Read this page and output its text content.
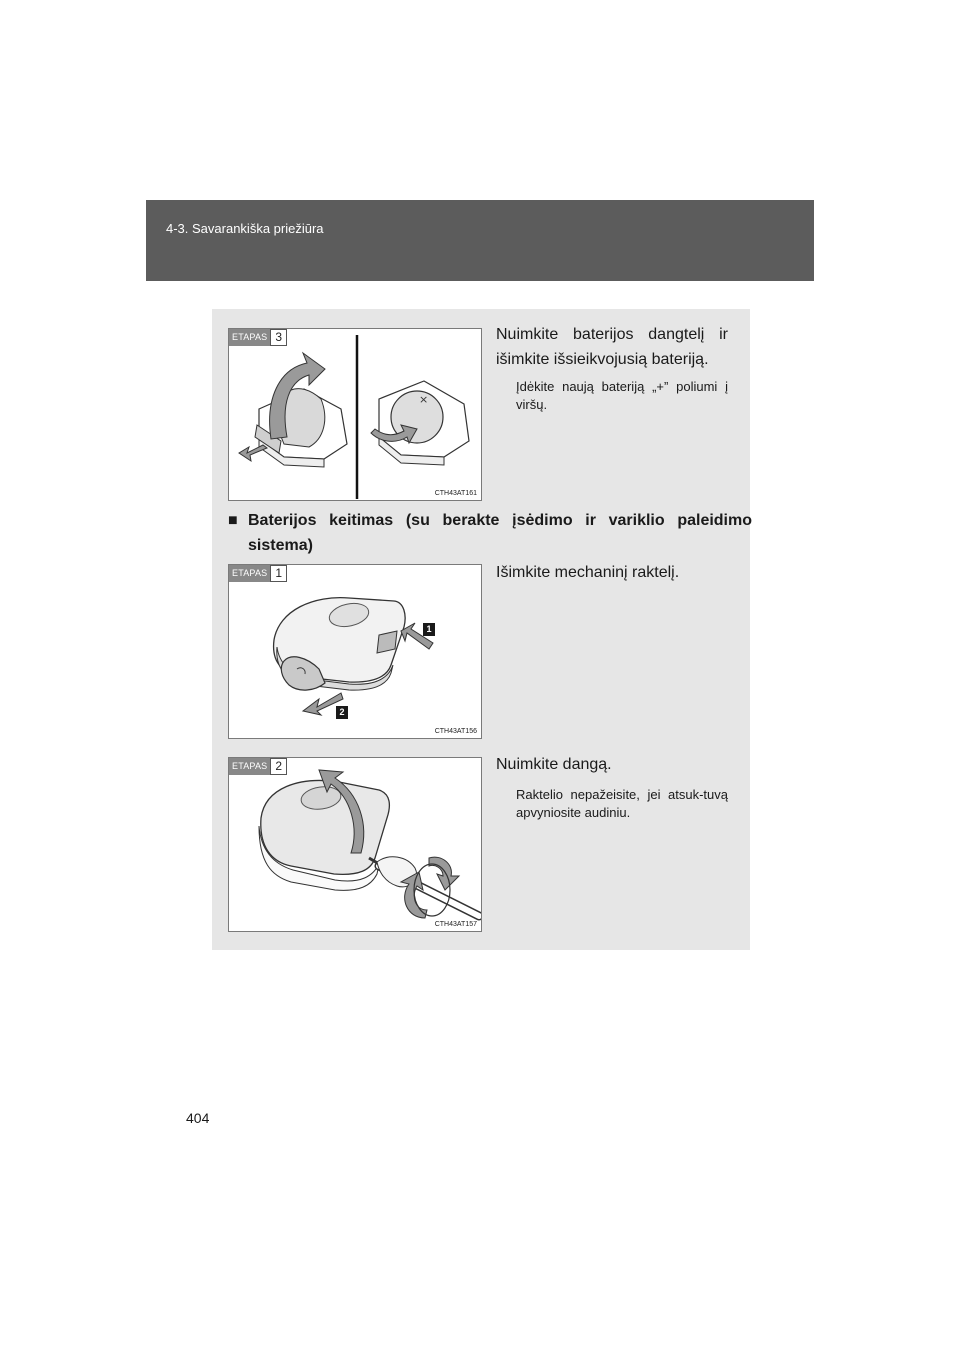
4-3. Savarankiška priežiūra
×
ETAPAS 3
CTH43AT161
Nuimkite baterijos dangtelį ir išimkite išsieikvojusią bateriją.
Įdėkite naują bateriją „+” poliumi į viršų.
■ Baterijos keitimas (su berakte įsėdimo ir variklio paleidimo sistema)
1
2
ETAPAS 1
CTH43AT156
Išimkite mechaninį raktelį.
ETAPAS 2
CTH43AT157
Nuimkite dangą.
Raktelio nepažeisite, jei atsuk-tuvą apvyniosite audiniu.
404
